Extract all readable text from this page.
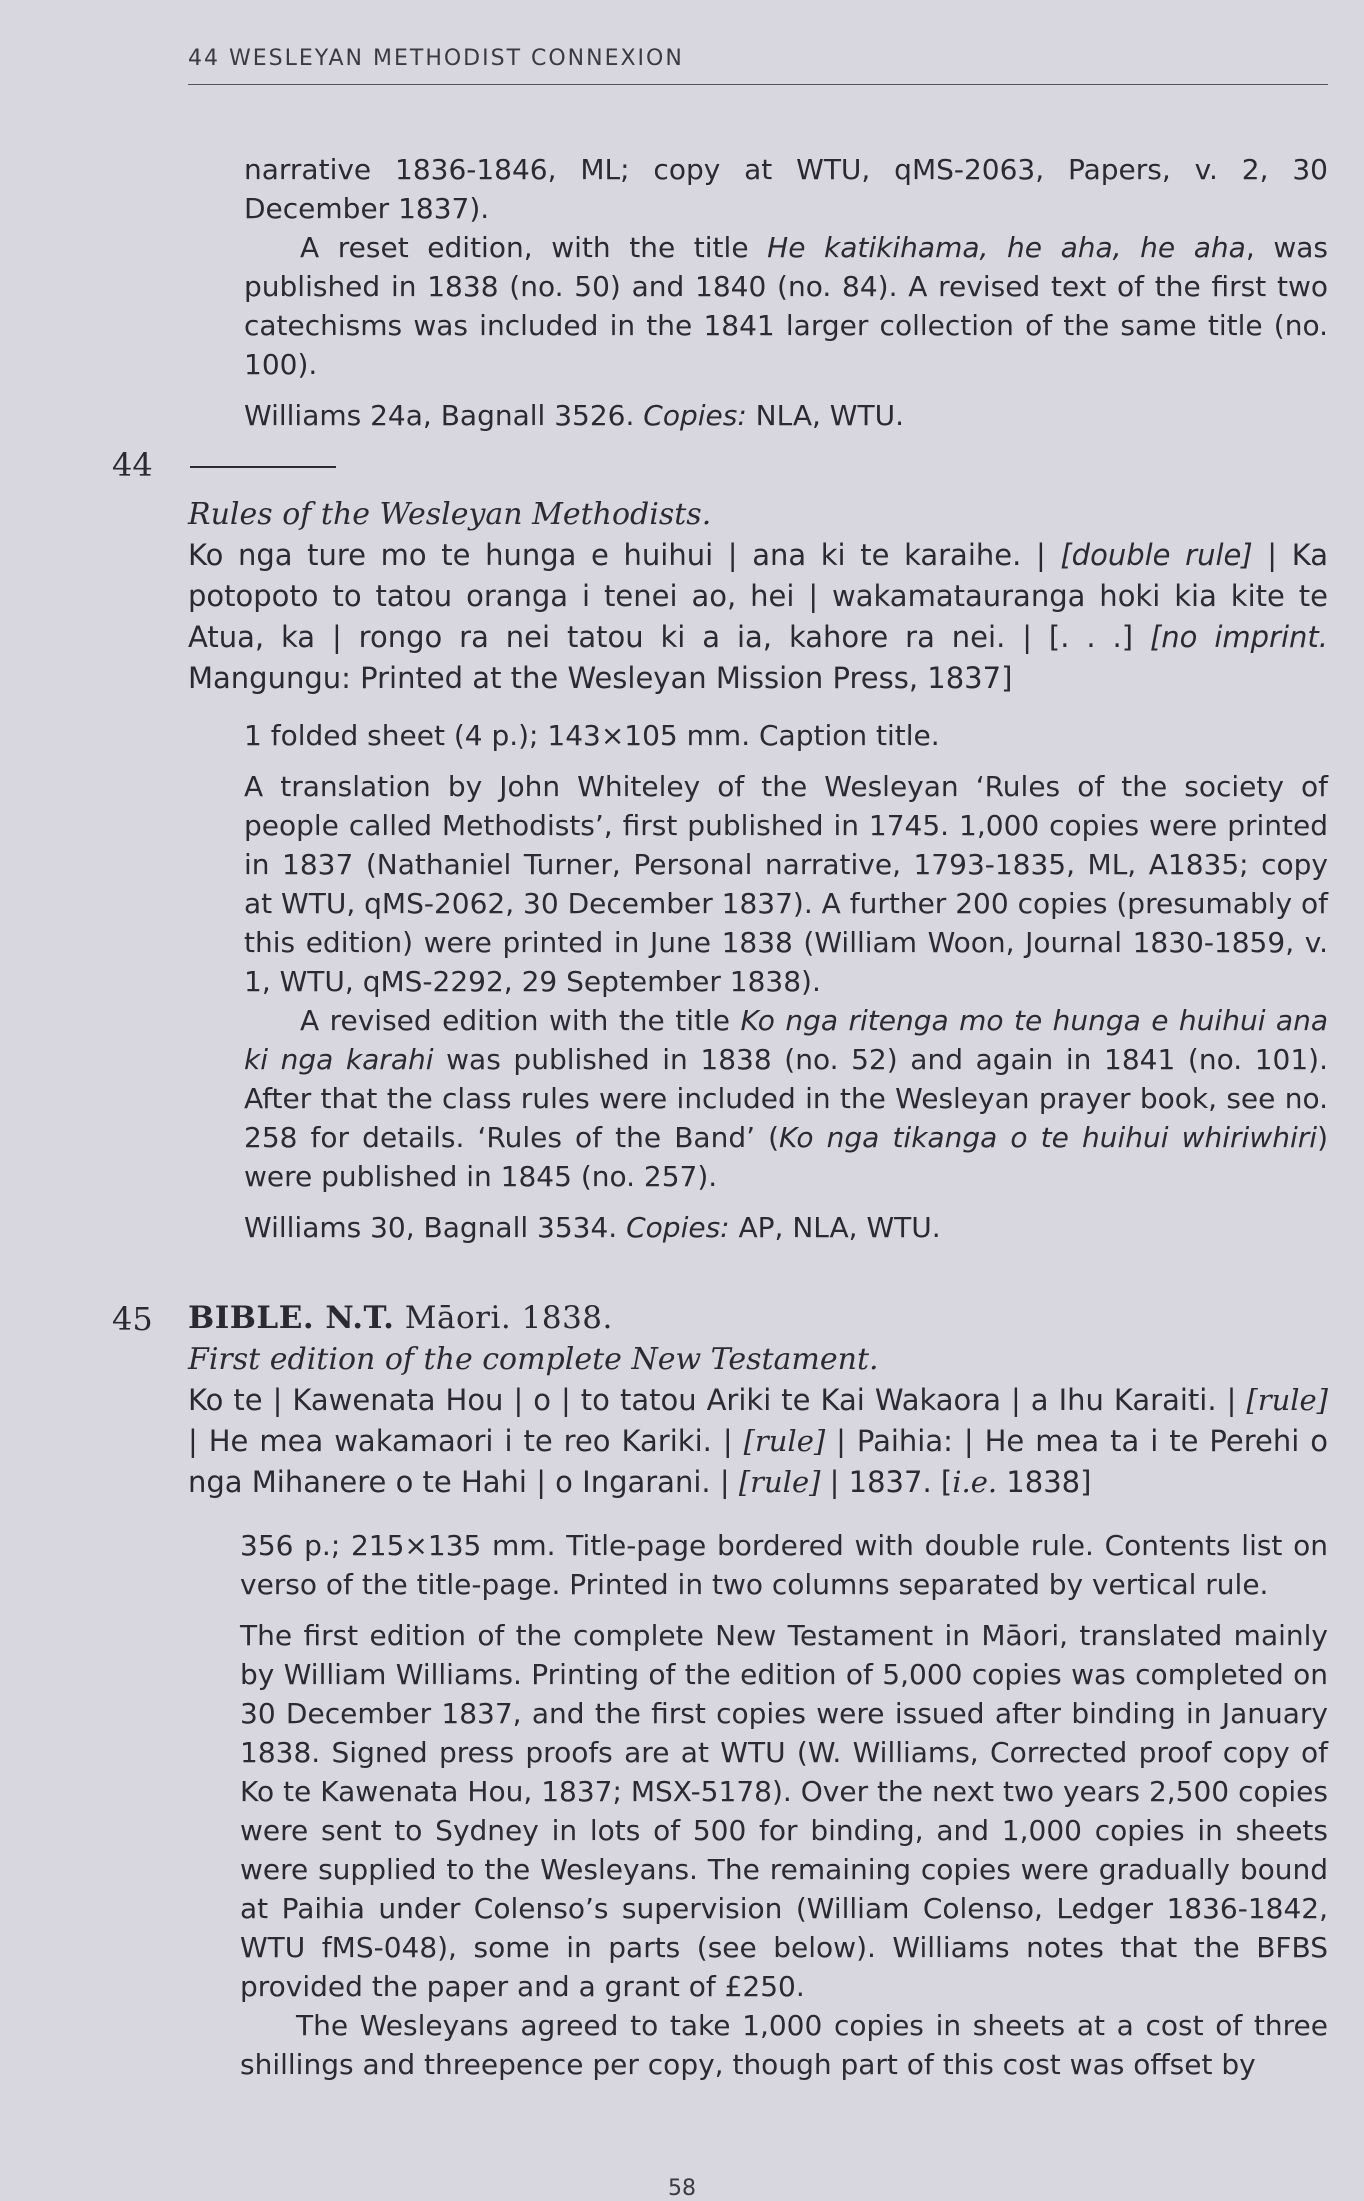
44 WESLEYAN METHODIST CONNEXION

narrative 1836-1846, ML; copy at WTU, qMS-2063, Papers, v. 2, 30 December 1837).

A reset edition, with the title He katikihama, he aha, he aha, was published in 1838 (no. 50) and 1840 (no. 84). A revised text of the first two catechisms was included in the 1841 larger collection of the same title (no. 100).

Williams 24a, Bagnall 3526. Copies: NLA, WTU.

44

Rules of the Wesleyan Methodists.

Ko nga ture mo te hunga e huihui | ana ki te karaihe. | [double rule] | Ka potopoto to tatou oranga i tenei ao, hei | wakamatauranga hoki kia kite te Atua, ka | rongo ra nei tatou ki a ia, kahore ra nei. | [. . .] [no imprint. Mangungu: Printed at the Wesleyan Mission Press, 1837]

1 folded sheet (4 p.); 143×105 mm. Caption title.

A translation by John Whiteley of the Wesleyan ‘Rules of the society of people called Methodists’, first published in 1745. 1,000 copies were printed in 1837 (Nathaniel Turner, Personal narrative, 1793-1835, ML, A1835; copy at WTU, qMS-2062, 30 December 1837). A further 200 copies (presumably of this edition) were printed in June 1838 (William Woon, Journal 1830-1859, v. 1, WTU, qMS-2292, 29 September 1838).

A revised edition with the title Ko nga ritenga mo te hunga e huihui ana ki nga karahi was published in 1838 (no. 52) and again in 1841 (no. 101). After that the class rules were included in the Wesleyan prayer book, see no. 258 for details. ‘Rules of the Band’ (Ko nga tikanga o te huihui whiriwhiri) were published in 1845 (no. 257).

Williams 30, Bagnall 3534. Copies: AP, NLA, WTU.

45 BIBLE. N.T. Māori. 1838.

First edition of the complete New Testament.

Ko te | Kawenata Hou | o | to tatou Ariki te Kai Wakaora | a Ihu Karaiti. | [rule] | He mea wakamaori i te reo Kariki. | [rule] | Paihia: | He mea ta i te Perehi o nga Mihanere o te Hahi | o Ingarani. | [rule] | 1837. [i.e. 1838]

356 p.; 215×135 mm. Title-page bordered with double rule. Contents list on verso of the title-page. Printed in two columns separated by vertical rule.

The first edition of the complete New Testament in Māori, translated mainly by William Williams. Printing of the edition of 5,000 copies was completed on 30 December 1837, and the first copies were issued after binding in January 1838. Signed press proofs are at WTU (W. Williams, Corrected proof copy of Ko te Kawenata Hou, 1837; MSX-5178). Over the next two years 2,500 copies were sent to Sydney in lots of 500 for binding, and 1,000 copies in sheets were supplied to the Wesleyans. The remaining copies were gradually bound at Paihia under Colenso’s supervision (William Colenso, Ledger 1836-1842, WTU fMS-048), some in parts (see below). Williams notes that the BFBS provided the paper and a grant of £250.

The Wesleyans agreed to take 1,000 copies in sheets at a cost of three shillings and threepence per copy, though part of this cost was offset by

58
